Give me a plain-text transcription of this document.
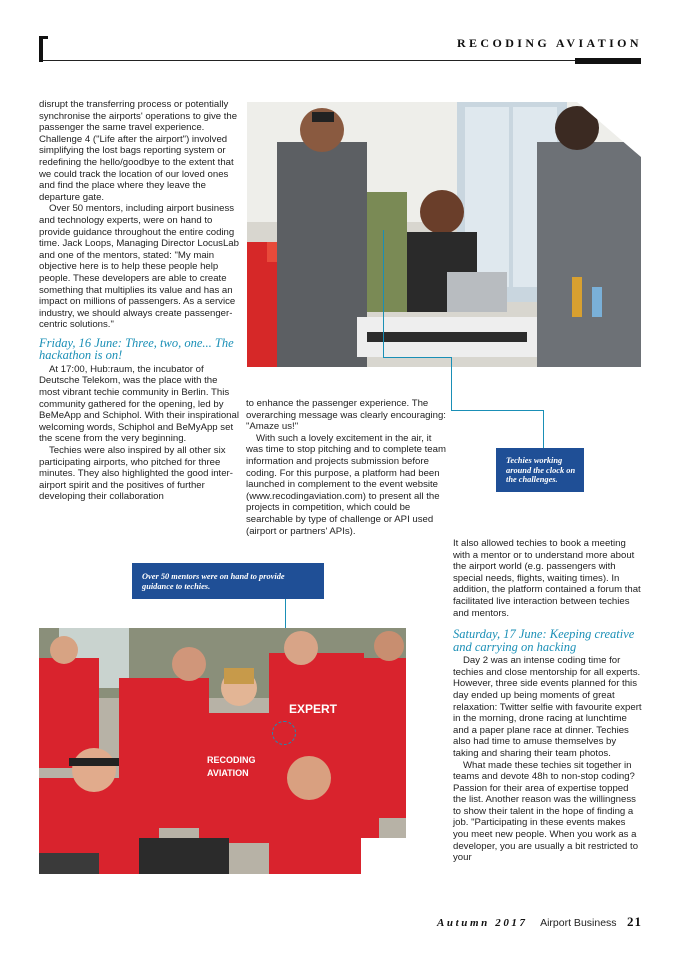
RECODING AVIATION
Techies working around the clock on the challenges.

disrupt the transferring process or potentially synchronise the airports' operations to give the passenger the same travel experience. Challenge 4 ("Life after the airport") involved simplifying the lost bags reporting system or redefining the hello/goodbye to the extent that we could track the location of our loved ones and find the place where they leave the departure gate.

Over 50 mentors, including airport business and technology experts, were on hand to provide guidance throughout the entire coding time. Jack Loops, Managing Director LocusLab and one of the mentors, stated: "My main objective here is to help these people help people. These developers are able to create something that multiplies its value and has an impact on millions of passengers. As a service industry, we should always create passenger-centric solutions."

Friday, 16 June: Three, two, one... The hackathon is on!

At 17:00, Hub:raum, the incubator of Deutsche Telekom, was the place with the most vibrant techie community in Berlin. This community gathered for the opening, led by BeMeApp and Schiphol. With their inspirational welcoming words, Schiphol and BeMyApp set the scene from the very beginning.

Techies were also inspired by all other six participating airports, who pitched for three minutes. They also highlighted the good inter-airport spirit and the positives of further developing their collaboration

to enhance the passenger experience. The overarching message was clearly encouraging: "Amaze us!"

With such a lovely excitement in the air, it was time to stop pitching and to complete team information and projects submission before coding. For this purpose, a platform had been launched in complement to the event website (www.recodingaviation.com) to present all the projects in competition, which could be searchable by type of challenge or API used (airport or partners' APIs).

It also allowed techies to book a meeting with a mentor or to understand more about the airport world (e.g. passengers with special needs, flights, waiting times). In addition, the platform contained a forum that facilitated live interaction between techies and mentors.

Saturday, 17 June: Keeping creative and carrying on hacking

Day 2 was an intense coding time for techies and close mentorship for all experts. However, three side events planned for this day ended up being moments of great relaxation: Twitter selfie with favourite expert in the morning, drone racing at lunchtime and a paper plane race at dinner. Techies also had time to amuse themselves by taking and sharing their team photos.

What made these techies sit together in teams and devote 48h to non-stop coding? Passion for their area of expertise topped the list. Another reason was the willingness to show their talent in the hope of finding a job. "Participating in these events makes you meet new people. When you work as a developer, you are usually a bit restricted to your

Over 50 mentors were on hand to provide guidance to techies.
EXPERT
RECODING
AVIATION
Autumn 2017 Airport Business 21
